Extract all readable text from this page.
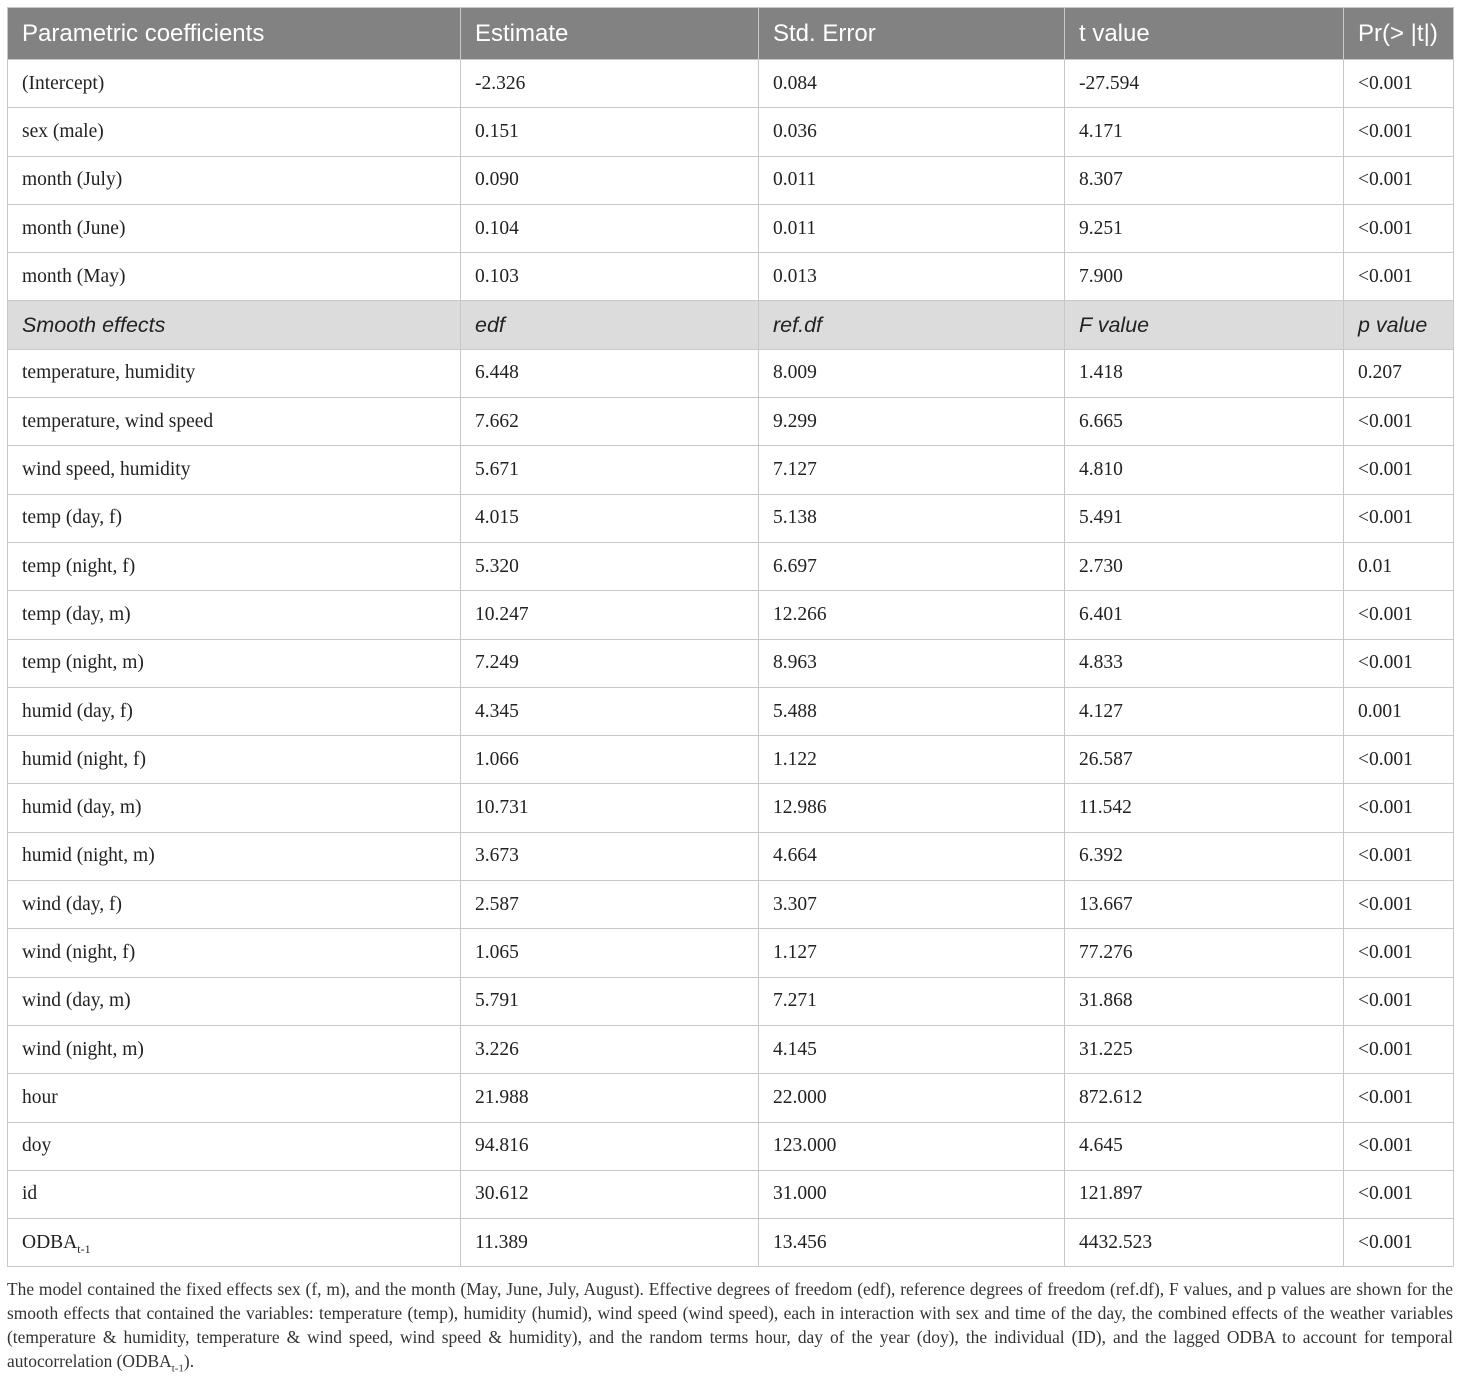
Parametric coefficients	Estimate	Std. Error	t value	Pr(> |t|)
(Intercept)	-2.326	0.084	-27.594	<0.001
sex (male)	0.151	0.036	4.171	<0.001
month (July)	0.090	0.011	8.307	<0.001
month (June)	0.104	0.011	9.251	<0.001
month (May)	0.103	0.013	7.900	<0.001
Smooth effects	edf	ref.df	F value	p value
temperature, humidity	6.448	8.009	1.418	0.207
temperature, wind speed	7.662	9.299	6.665	<0.001
wind speed, humidity	5.671	7.127	4.810	<0.001
temp (day, f)	4.015	5.138	5.491	<0.001
temp (night, f)	5.320	6.697	2.730	0.01
temp (day, m)	10.247	12.266	6.401	<0.001
temp (night, m)	7.249	8.963	4.833	<0.001
humid (day, f)	4.345	5.488	4.127	0.001
humid (night, f)	1.066	1.122	26.587	<0.001
humid (day, m)	10.731	12.986	11.542	<0.001
humid (night, m)	3.673	4.664	6.392	<0.001
wind (day, f)	2.587	3.307	13.667	<0.001
wind (night, f)	1.065	1.127	77.276	<0.001
wind (day, m)	5.791	7.271	31.868	<0.001
wind (night, m)	3.226	4.145	31.225	<0.001
hour	21.988	22.000	872.612	<0.001
doy	94.816	123.000	4.645	<0.001
id	30.612	31.000	121.897	<0.001
$ODBA_{t-1}$	11.389	13.456	4432.523	<0.001

The model contained the fixed effects sex (f, m), and the month (May, June, July, August). Effective degrees of freedom (edf), reference degrees of freedom (ref.df), F values, and p values are shown for the smooth effects that contained the variables: temperature (temp), humidity (humid), wind speed (wind speed), each in interaction with sex and time of the day, the combined effects of the weather variables (temperature & humidity, temperature & wind speed, wind speed & humidity), and the random terms hour, day of the year (doy), the individual (ID), and the lagged ODBA to account for temporal autocorrelation $(ODBA_{t-1})$.
